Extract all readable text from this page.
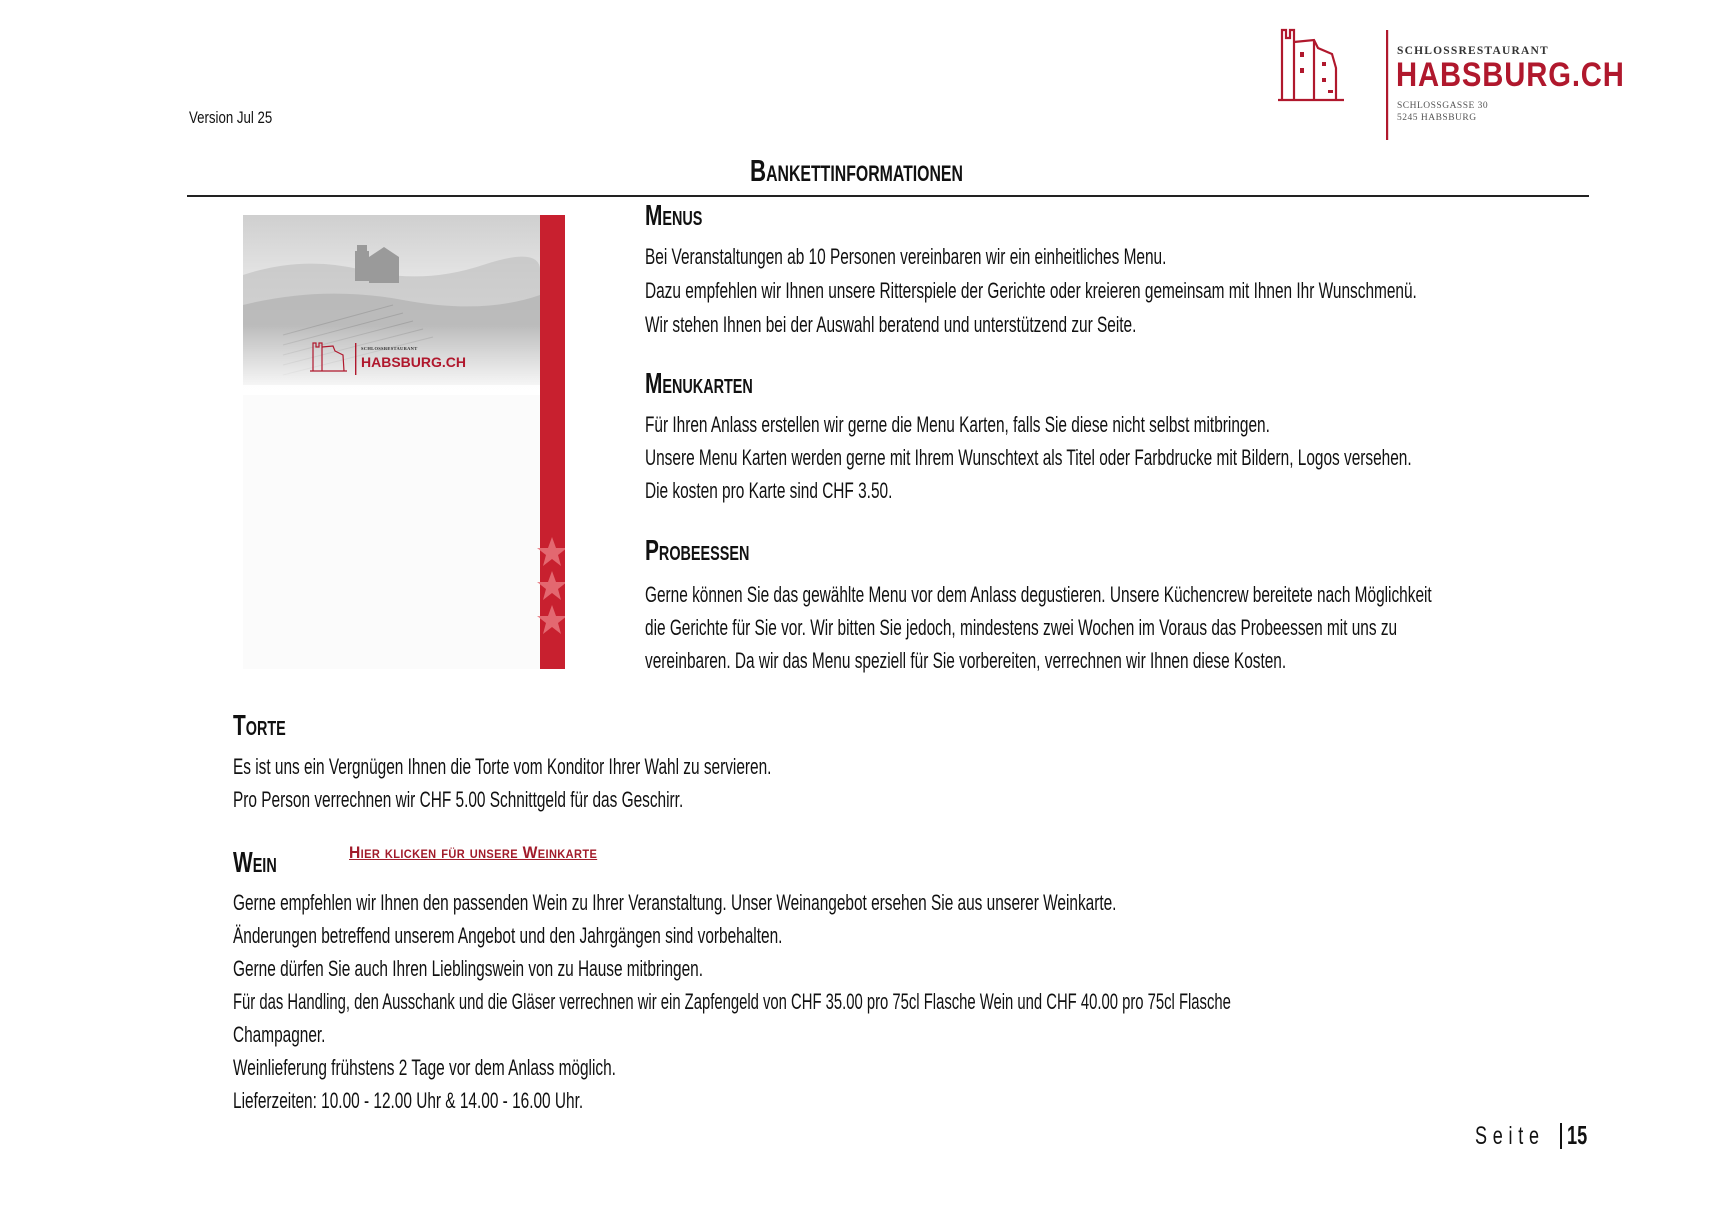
Version Jul 25
SCHLOSSRESTAURANT
HABSBURG.CH
SCHLOSSGASSE 30
5245 HABSBURG
Bankettinformationen
SCHLOSSRESTAURANT
HABSBURG.CH
Menus
Bei Veranstaltungen ab 10 Personen vereinbaren wir ein einheitliches Menu.
Dazu empfehlen wir Ihnen unsere Ritterspiele der Gerichte oder kreieren gemeinsam mit Ihnen Ihr Wunschmenü.
Wir stehen Ihnen bei der Auswahl beratend und unterstützend zur Seite.
Menukarten
Für Ihren Anlass erstellen wir gerne die Menu Karten, falls Sie diese nicht selbst mitbringen.
Unsere Menu Karten werden gerne mit Ihrem Wunschtext als Titel oder Farbdrucke mit Bildern, Logos versehen.
Die kosten pro Karte sind CHF 3.50.
Probeessen
Gerne können Sie das gewählte Menu vor dem Anlass degustieren. Unsere Küchencrew bereitete nach Möglichkeit
die Gerichte für Sie vor. Wir bitten Sie jedoch, mindestens zwei Wochen im Voraus das Probeessen mit uns zu
vereinbaren. Da wir das Menu speziell für Sie vorbereiten, verrechnen wir Ihnen diese Kosten.
Torte
Es ist uns ein Vergnügen Ihnen die Torte vom Konditor Ihrer Wahl zu servieren.
Pro Person verrechnen wir CHF 5.00 Schnittgeld für das Geschirr.
Wein	Hier klicken für unsere Weinkarte
Gerne empfehlen wir Ihnen den passenden Wein zu Ihrer Veranstaltung. Unser Weinangebot ersehen Sie aus unserer Weinkarte.
Änderungen betreffend unserem Angebot und den Jahrgängen sind vorbehalten.
Gerne dürfen Sie auch Ihren Lieblingswein von zu Hause mitbringen.
Für das Handling, den Ausschank und die Gläser verrechnen wir ein Zapfengeld von CHF 35.00 pro 75cl Flasche Wein und CHF 40.00 pro 75cl Flasche
Champagner.
Weinlieferung frühstens 2 Tage vor dem Anlass möglich.
Lieferzeiten: 10.00 - 12.00 Uhr & 14.00 - 16.00 Uhr.
Seite 15
